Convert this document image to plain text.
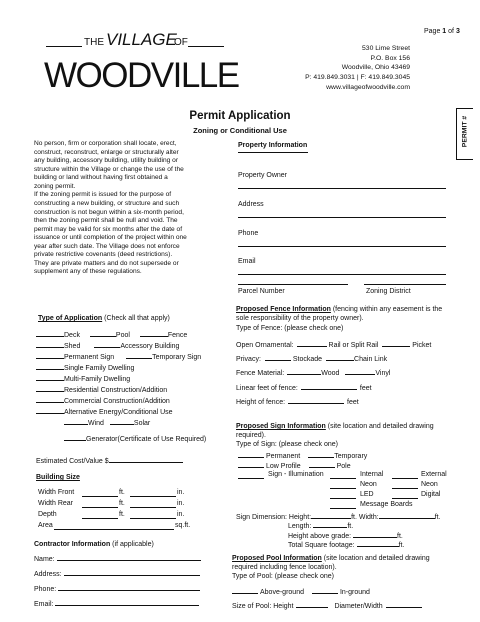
Page 1 of 3
THE VILLAGE
OF
WOODVILLE
530 Lime Street
P.O. Box 156
Woodville, Ohio 43469
P: 419.849.3031 | F: 419.849.3045
www.villageofwoodville.com
Permit Application
Zoning or Conditional Use	PERMIT #
No person, firm or corporation shall locate, erect,
construct, reconstruct, enlarge or structurally alter
any building, accessory building, utility building or
structure within the Village or change the use of the
building or land without having first obtained a
zoning permit.
If the zoning permit is issued for the purpose of
constructing a new building, or structure and such
construction is not begun within a six-month period,
then the zoning permit shall be null and void. The
permit may be valid for six months after the date of
issuance or until completion of the project within one
year after such date. The Village does not enforce
private restrictive covenants (deed restrictions).
They are private matters and do not supersede or
supplement any of these regulations.
Type of Application (Check all that apply)
Deck	Pool	Fence
Shed	Accessory Building
Permanent Sign	Temporary Sign
Single Family Dwelling
Multi-Family Dwelling
Residential Construction/Addition
Commercial Construction/Addition
Alternative Energy/Conditional Use
Wind	Solar
Generator(Certificate of Use Required)
Estimated Cost/Value $
Building Size
Width Front	ft.	in.
Width Rear	ft.	in.
Depth	ft.	in.
Area	sq.ft.
Contractor Information (if applicable)
Name:
Address:
Phone:
Email:
Property Information
Property Owner
Address
Phone
Email
Parcel Number	Zoning District
Proposed Fence Information (fencing within any easement is the
sole responsibility of the property owner).
Type of Fence: (please check one)
Open Ornamental:	Rail or Split Rail	Picket
Privacy:	Stockade	Chain Link
Fence Material:	Wood	Vinyl
Linear feet of fence:	feet
Height of fence:	feet
Proposed Sign Information (site location and detailed drawing
required).
Type of Sign: (please check one)
Permanent	Temporary
Low Profile	Pole
Sign - Illumination	Internal	External
Neon	Neon
LED	Digital
Message Boards
Sign Dimension: Height:	ft. Width:	ft.
Length:	ft.
Height above grade:	ft.
Total Square footage:	ft.
Proposed Pool Information (site location and detailed drawing
required including fence location).
Type of Pool: (please check one)
Above-ground	In-ground
Size of Pool: Height	Diameter/Width
